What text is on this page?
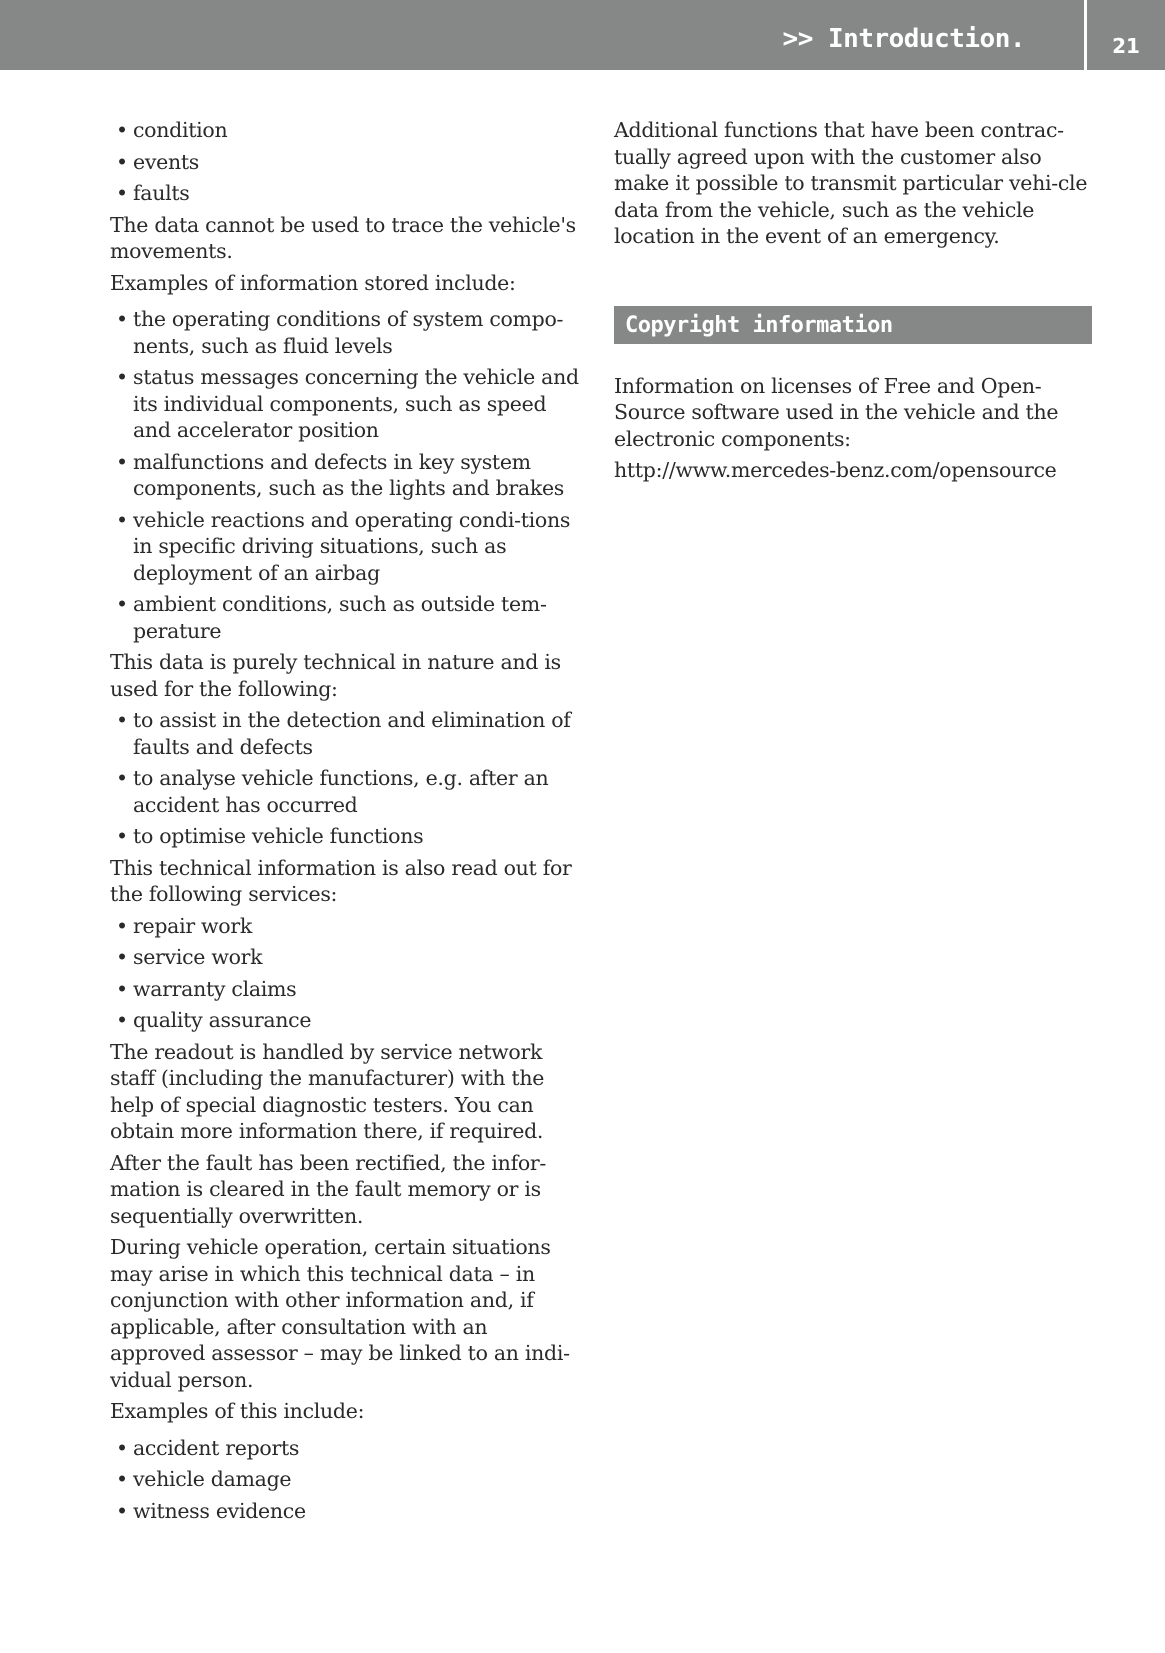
>> Introduction.	21
• condition
• events
• faults

The data cannot be used to trace the vehicle's movements.

Examples of information stored include:

• the operating conditions of system compo-nents, such as fluid levels
• status messages concerning the vehicle and its individual components, such as speed and accelerator position
• malfunctions and defects in key system components, such as the lights and brakes
• vehicle reactions and operating condi-tions in specific driving situations, such as deployment of an airbag
• ambient conditions, such as outside tem-perature

This data is purely technical in nature and is used for the following:

• to assist in the detection and elimination of faults and defects
• to analyse vehicle functions, e.g. after an accident has occurred
• to optimise vehicle functions

This technical information is also read out for the following services:

• repair work
• service work
• warranty claims
• quality assurance

The readout is handled by service network staff (including the manufacturer) with the help of special diagnostic testers. You can obtain more information there, if required.

After the fault has been rectified, the infor-mation is cleared in the fault memory or is sequentially overwritten.

During vehicle operation, certain situations may arise in which this technical data – in conjunction with other information and, if applicable, after consultation with an approved assessor – may be linked to an indi-vidual person.

Examples of this include:

• accident reports
• vehicle damage
• witness evidence

Additional functions that have been contrac-tually agreed upon with the customer also make it possible to transmit particular vehi-cle data from the vehicle, such as the vehicle location in the event of an emergency.

Copyright information

Information on licenses of Free and Open-Source software used in the vehicle and the electronic components:

http://www.mercedes-benz.com/opensource
